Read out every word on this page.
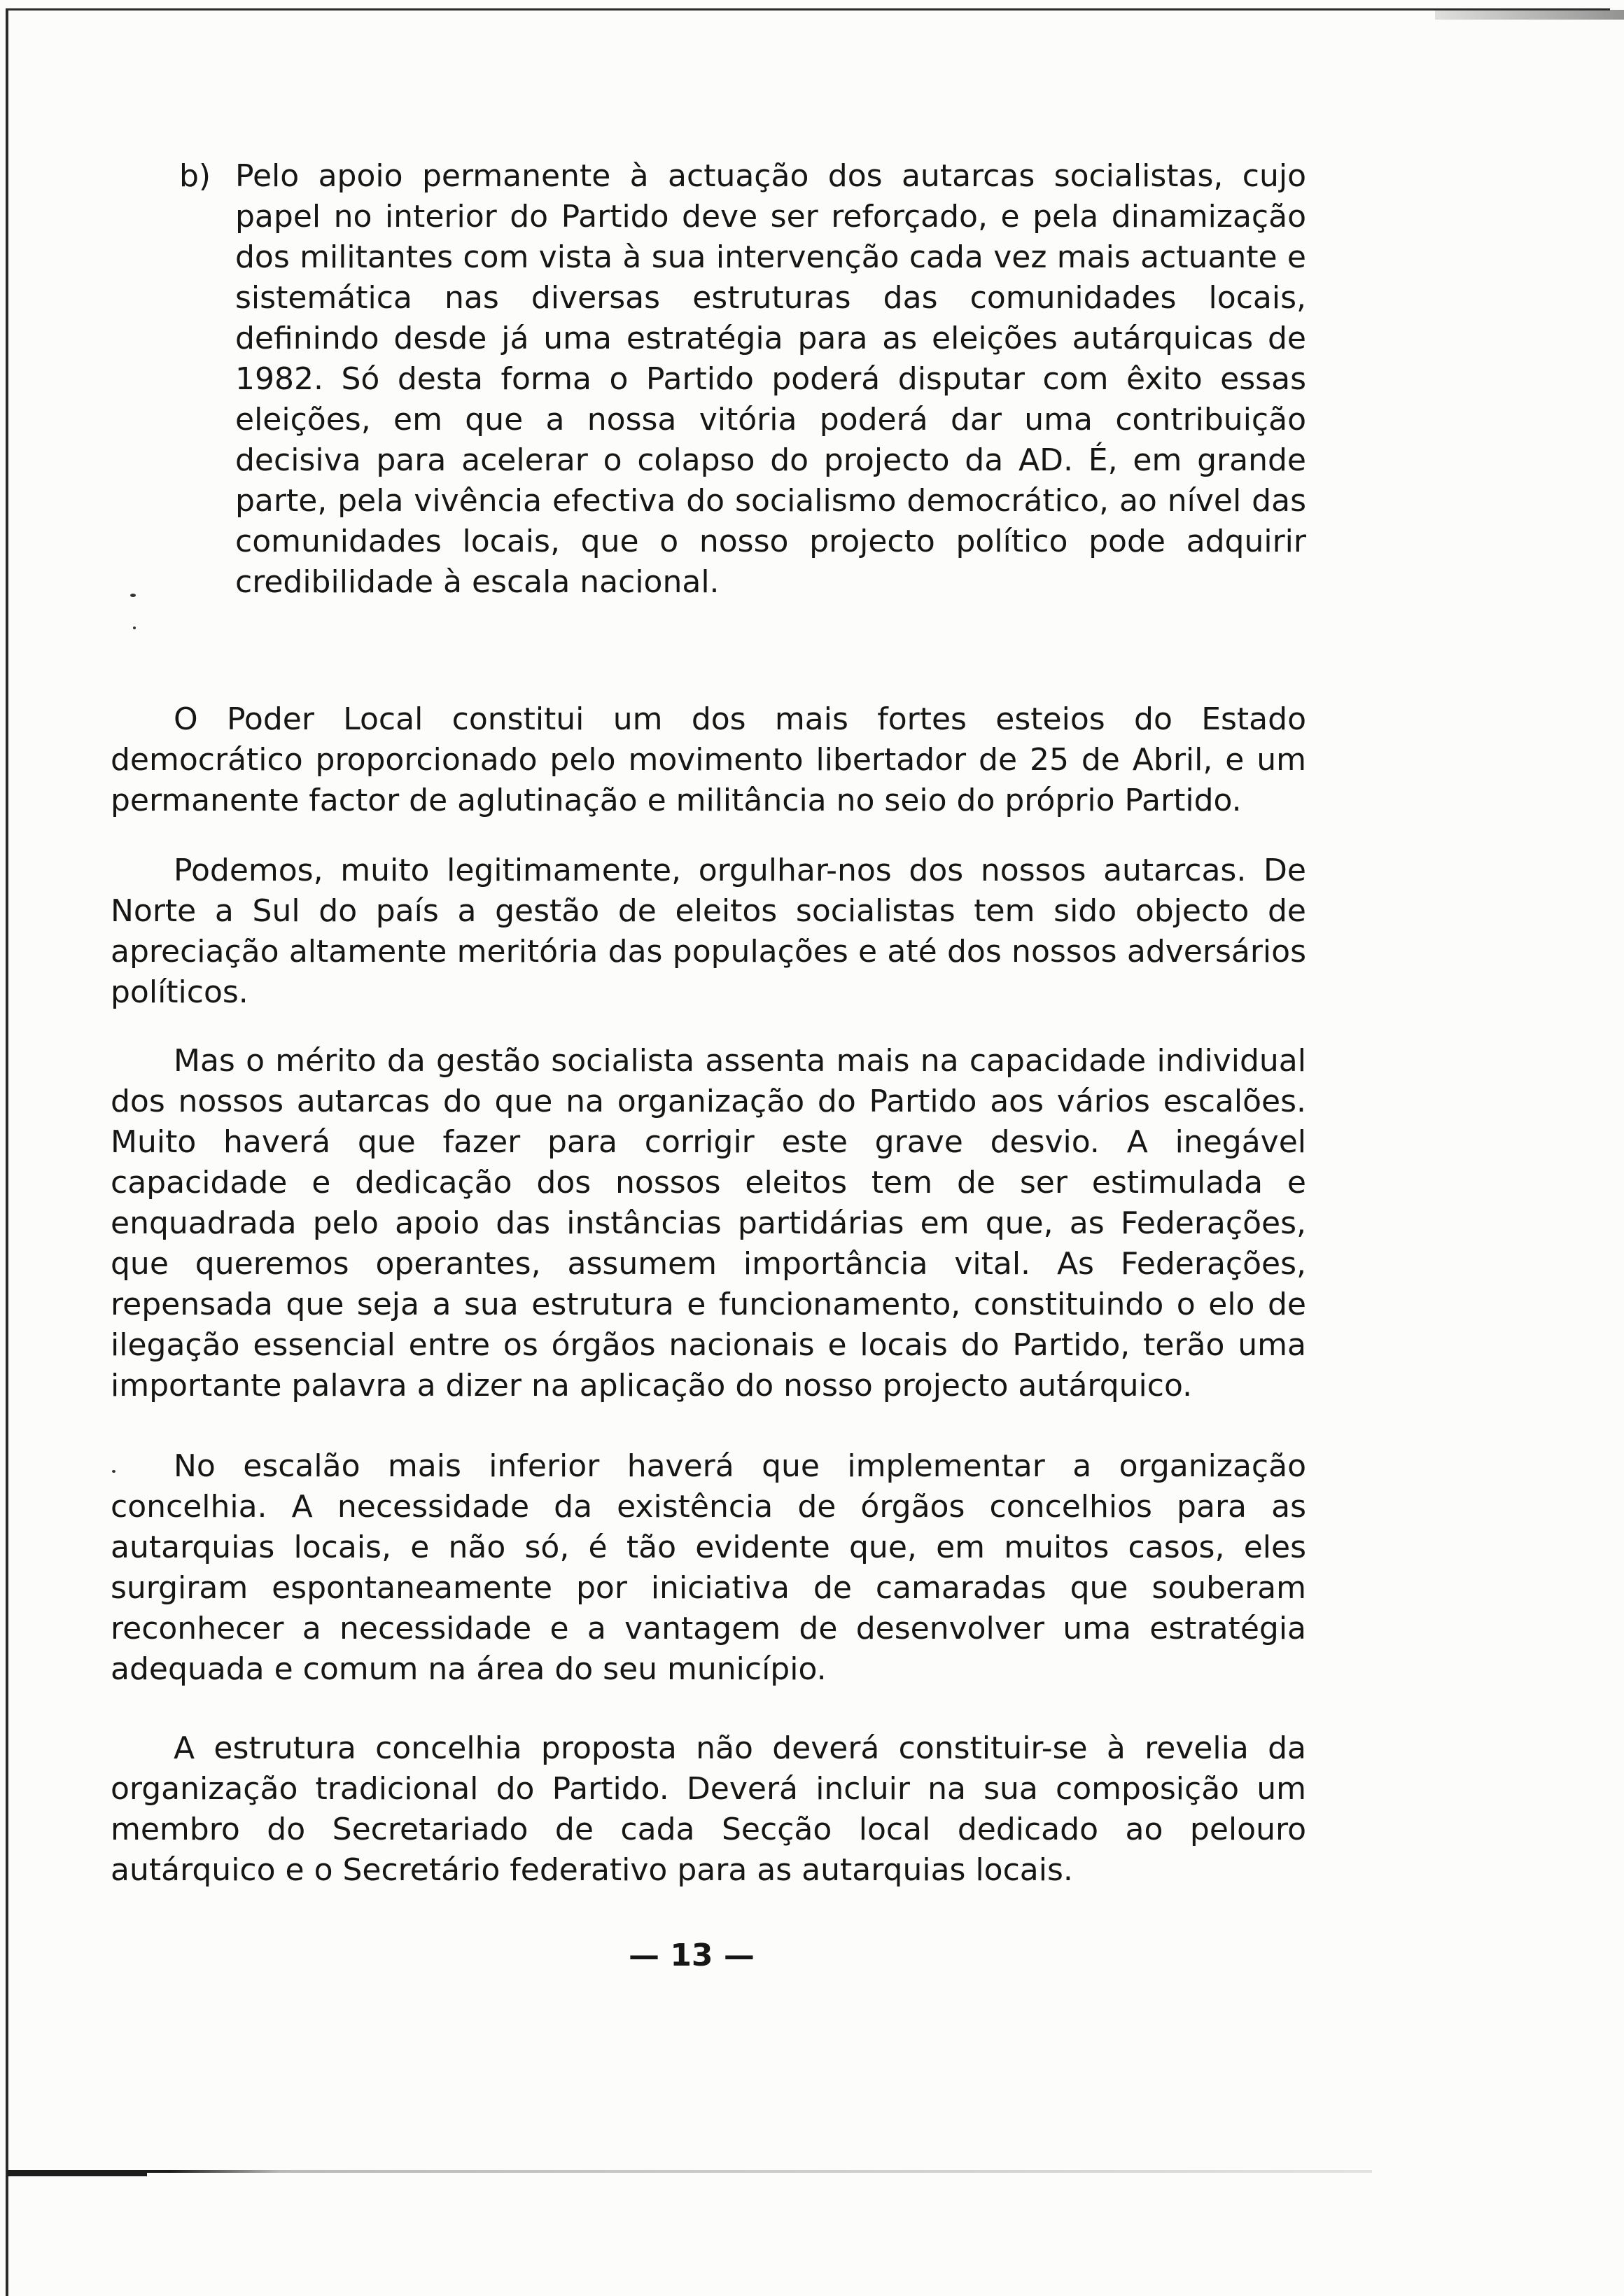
b) Pelo apoio permanente à actuação dos autarcas socialistas, cujo papel no interior do Partido deve ser reforçado, e pela dinamização dos militantes com vista à sua intervenção cada vez mais actuante e sistemática nas diversas estruturas das comunidades locais, definindo desde já uma estratégia para as eleições autárquicas de 1982. Só desta forma o Partido poderá disputar com êxito essas eleições, em que a nossa vitória poderá dar uma contribuição decisiva para acelerar o colapso do projecto da AD. É, em grande parte, pela vivência efectiva do socialismo democrático, ao nível das comunidades locais, que o nosso projecto político pode adquirir credibilidade à escala nacional.
O Poder Local constitui um dos mais fortes esteios do Estado democrático proporcionado pelo movimento libertador de 25 de Abril, e um permanente factor de aglutinação e militância no seio do próprio Partido.
Podemos, muito legitimamente, orgulhar-nos dos nossos autarcas. De Norte a Sul do país a gestão de eleitos socialistas tem sido objecto de apreciação altamente meritória das populações e até dos nossos adversários políticos.
Mas o mérito da gestão socialista assenta mais na capacidade individual dos nossos autarcas do que na organização do Partido aos vários escalões. Muito haverá que fazer para corrigir este grave desvio. A inegável capacidade e dedicação dos nossos eleitos tem de ser estimulada e enquadrada pelo apoio das instâncias partidárias em que, as Federações, que queremos operantes, assumem importância vital. As Federações, repensada que seja a sua estrutura e funcionamento, constituindo o elo de ilegação essencial entre os órgãos nacionais e locais do Partido, terão uma importante palavra a dizer na aplicação do nosso projecto autárquico.
No escalão mais inferior haverá que implementar a organização concelhia. A necessidade da existência de órgãos concelhios para as autarquias locais, e não só, é tão evidente que, em muitos casos, eles surgiram espontaneamente por iniciativa de camaradas que souberam reconhecer a necessidade e a vantagem de desenvolver uma estratégia adequada e comum na área do seu município.
A estrutura concelhia proposta não deverá constituir-se à revelia da organização tradicional do Partido. Deverá incluir na sua composição um membro do Secretariado de cada Secção local dedicado ao pelouro autárquico e o Secretário federativo para as autarquias locais.
— 13 —
